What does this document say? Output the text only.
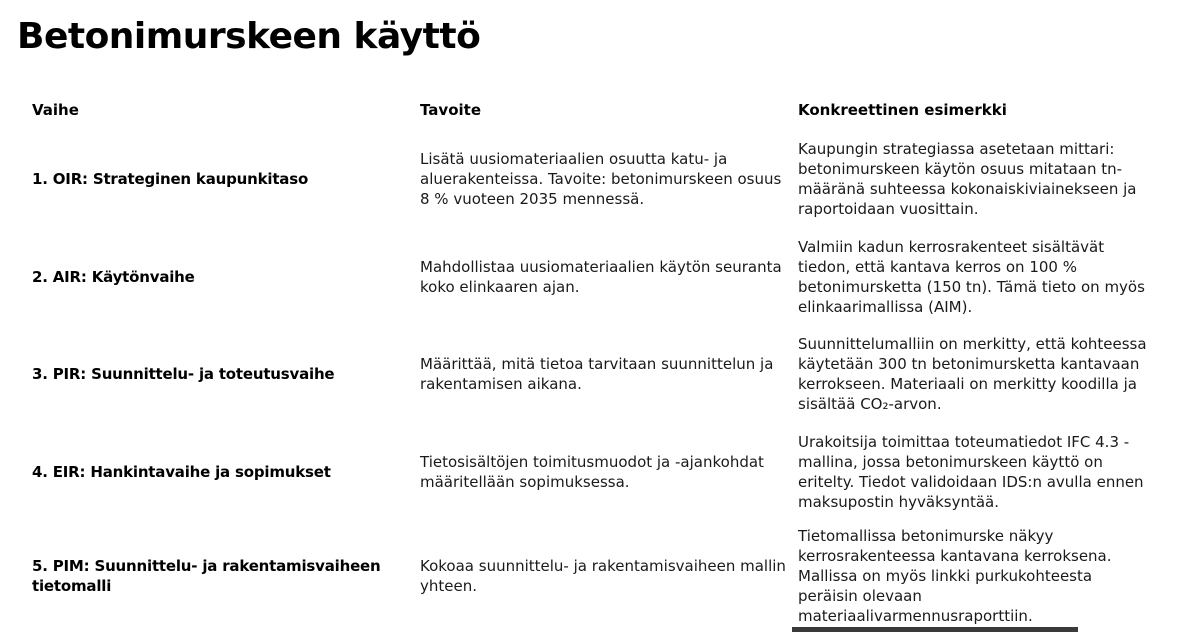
Betonimurskeen käyttö
Vaihe	Tavoite	Konkreettinen esimerkki
1. OIR: Strateginen kaupunkitaso
Lisätä uusiomateriaalien osuutta katu- ja aluerakenteissa. Tavoite: betonimurskeen osuus 8 % vuoteen 2035 mennessä.
Kaupungin strategiassa asetetaan mittari: betonimurskeen käytön osuus mitataan tn-määränä suhteessa kokonaiskiviainekseen ja raportoidaan vuosittain.
2. AIR: Käytönvaihe
Mahdollistaa uusiomateriaalien käytön seuranta koko elinkaaren ajan.
Valmiin kadun kerrosrakenteet sisältävät tiedon, että kantava kerros on 100 % betonimursketta (150 tn). Tämä tieto on myös elinkaarimallissa (AIM).
3. PIR: Suunnittelu- ja toteutusvaihe
Määrittää, mitä tietoa tarvitaan suunnittelun ja rakentamisen aikana.
Suunnittelumalliin on merkitty, että kohteessa käytetään 300 tn betonimursketta kantavaan kerrokseen. Materiaali on merkitty koodilla ja sisältää CO₂-arvon.
4. EIR: Hankintavaihe ja sopimukset
Tietosisältöjen toimitusmuodot ja -ajankohdat määritellään sopimuksessa.
Urakoitsija toimittaa toteumatiedot IFC 4.3 -mallina, jossa betonimurskeen käyttö on eritelty. Tiedot validoidaan IDS:n avulla ennen maksupostin hyväksyntää.
5. PIM: Suunnittelu- ja rakentamisvaiheen tietomalli
Kokoaa suunnittelu- ja rakentamisvaiheen mallin yhteen.
Tietomallissa betonimurske näkyy kerrosrakenteessa kantavana kerroksena. Mallissa on myös linkki purkukohteesta peräisin olevaan materiaalivarmennusraporttiin.
